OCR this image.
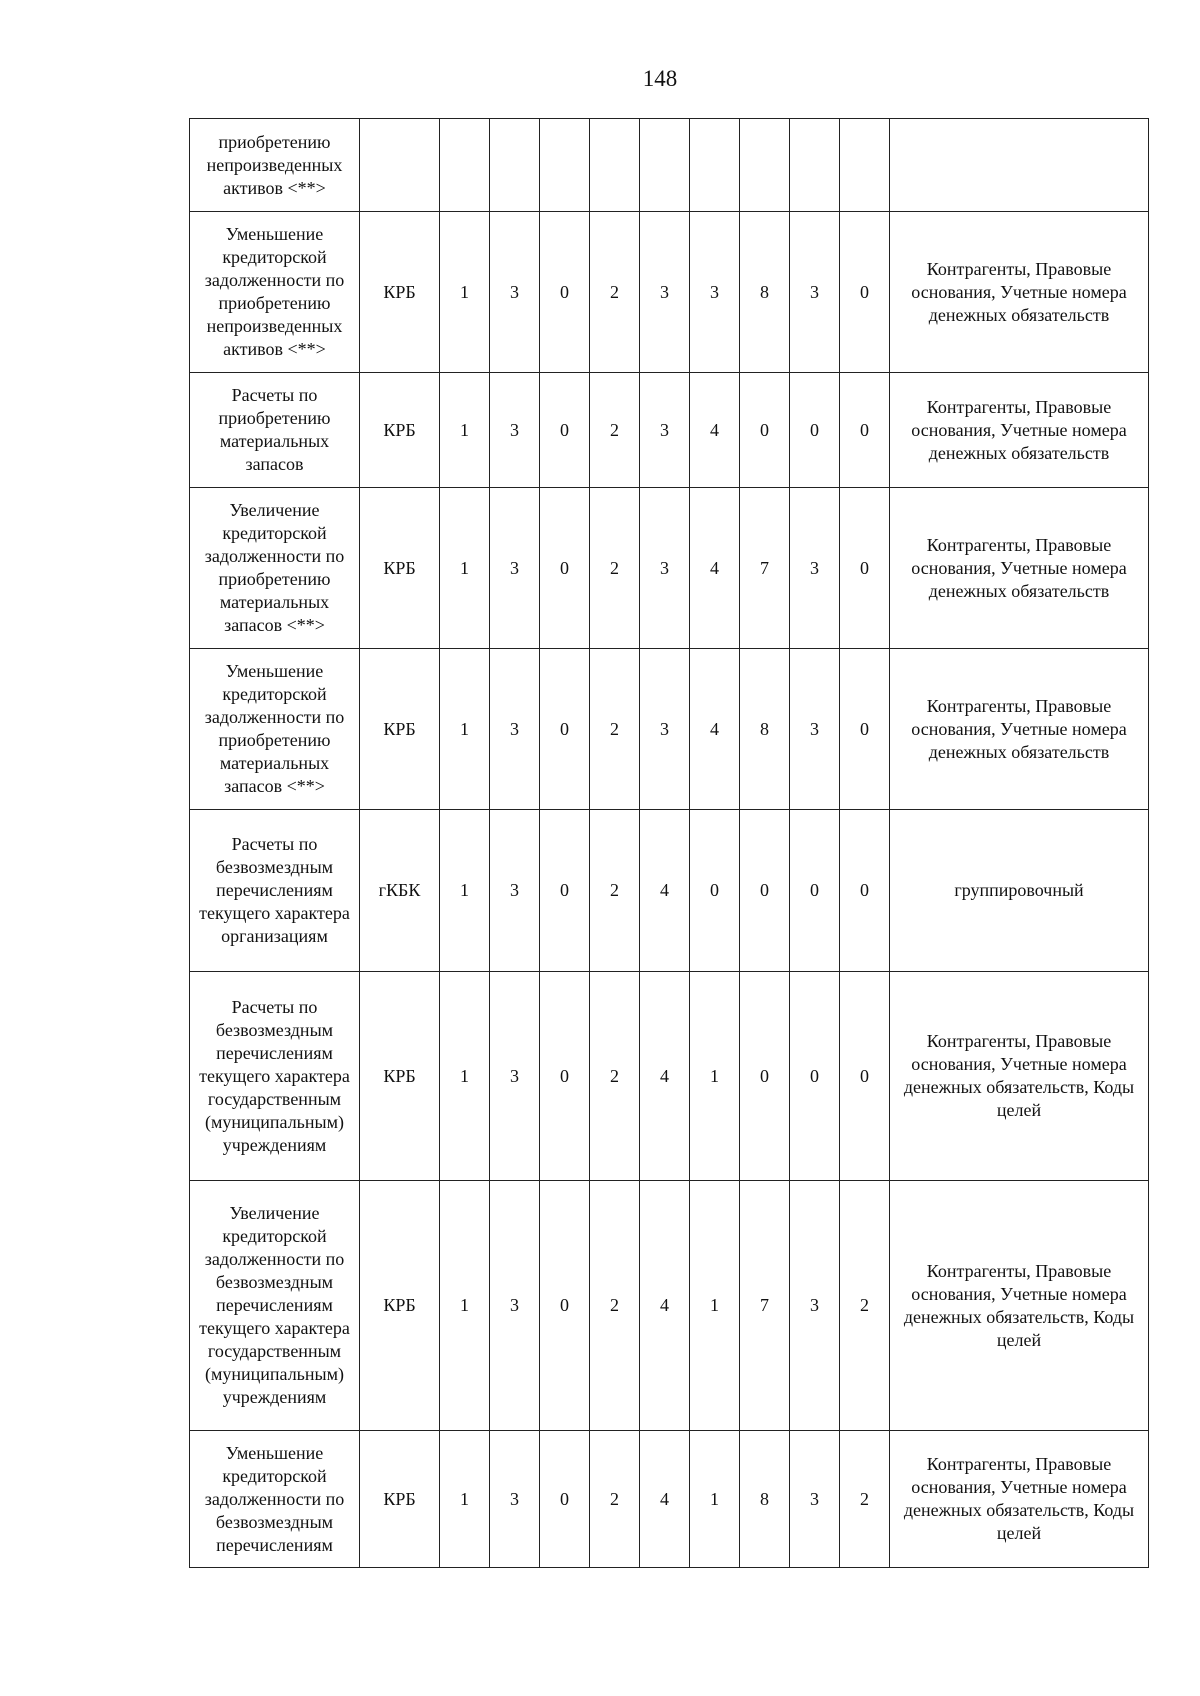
148
приобретению непроизведенных активов <**>											
Уменьшение кредиторской задолженности по приобретению непроизведенных активов <**>	КРБ	1	3	0	2	3	3	8	3	0	Контрагенты, Правовые основания, Учетные номера денежных обязательств
Расчеты по приобретению материальных запасов	КРБ	1	3	0	2	3	4	0	0	0	Контрагенты, Правовые основания, Учетные номера денежных обязательств
Увеличение кредиторской задолженности по приобретению материальных запасов <**>	КРБ	1	3	0	2	3	4	7	3	0	Контрагенты, Правовые основания, Учетные номера денежных обязательств
Уменьшение кредиторской задолженности по приобретению материальных запасов <**>	КРБ	1	3	0	2	3	4	8	3	0	Контрагенты, Правовые основания, Учетные номера денежных обязательств
Расчеты по безвозмездным перечислениям текущего характера организациям	гКБК	1	3	0	2	4	0	0	0	0	группировочный
Расчеты по безвозмездным перечислениям текущего характера государственным (муниципальным) учреждениям	КРБ	1	3	0	2	4	1	0	0	0	Контрагенты, Правовые основания, Учетные номера денежных обязательств, Коды целей
Увеличение кредиторской задолженности по безвозмездным перечислениям текущего характера государственным (муниципальным) учреждениям	КРБ	1	3	0	2	4	1	7	3	2	Контрагенты, Правовые основания, Учетные номера денежных обязательств, Коды целей
Уменьшение кредиторской задолженности по безвозмездным перечислениям	КРБ	1	3	0	2	4	1	8	3	2	Контрагенты, Правовые основания, Учетные номера денежных обязательств, Коды целей
